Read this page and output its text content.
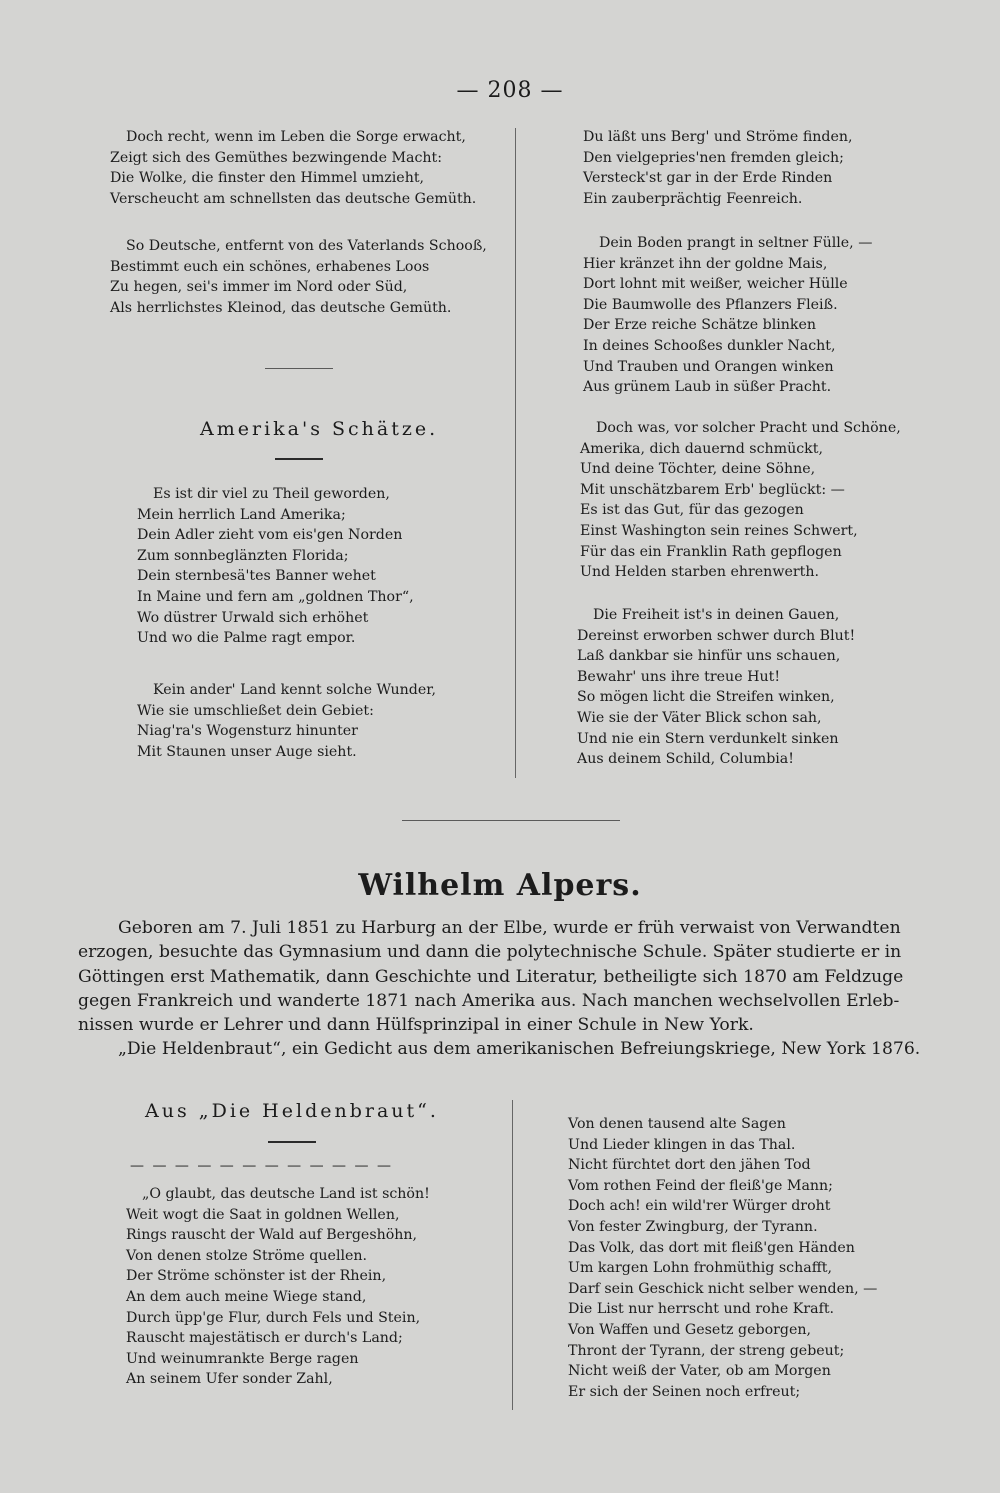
— 208 —
Doch recht, wenn im Leben die Sorge erwacht,
Zeigt sich des Gemüthes bezwingende Macht:
Die Wolke, die finster den Himmel umzieht,
Verscheucht am schnellsten das deutsche Gemüth.
So Deutsche, entfernt von des Vaterlands Schooß,
Bestimmt euch ein schönes, erhabenes Loos
Zu hegen, sei's immer im Nord oder Süd,
Als herrlichstes Kleinod, das deutsche Gemüth.
Amerika's Schätze.
Es ist dir viel zu Theil geworden,
Mein herrlich Land Amerika;
Dein Adler zieht vom eis'gen Norden
Zum sonnbeglänzten Florida;
Dein sternbesä'tes Banner wehet
In Maine und fern am „goldnen Thor“,
Wo düstrer Urwald sich erhöhet
Und wo die Palme ragt empor.
Kein ander' Land kennt solche Wunder,
Wie sie umschließet dein Gebiet:
Niag'ra's Wogensturz hinunter
Mit Staunen unser Auge sieht.
Du läßt uns Berg' und Ströme finden,
Den vielgepries'nen fremden gleich;
Versteck'st gar in der Erde Rinden
Ein zauberprächtig Feenreich.
Dein Boden prangt in seltner Fülle, —
Hier kränzet ihn der goldne Mais,
Dort lohnt mit weißer, weicher Hülle
Die Baumwolle des Pflanzers Fleiß.
Der Erze reiche Schätze blinken
In deines Schooßes dunkler Nacht,
Und Trauben und Orangen winken
Aus grünem Laub in süßer Pracht.
Doch was, vor solcher Pracht und Schöne,
Amerika, dich dauernd schmückt,
Und deine Töchter, deine Söhne,
Mit unschätzbarem Erb' beglückt: —
Es ist das Gut, für das gezogen
Einst Washington sein reines Schwert,
Für das ein Franklin Rath gepflogen
Und Helden starben ehrenwerth.
Die Freiheit ist's in deinen Gauen,
Dereinst erworben schwer durch Blut!
Laß dankbar sie hinfür uns schauen,
Bewahr' uns ihre treue Hut!
So mögen licht die Streifen winken,
Wie sie der Väter Blick schon sah,
Und nie ein Stern verdunkelt sinken
Aus deinem Schild, Columbia!
Wilhelm Alpers.

Geboren am 7. Juli 1851 zu Harburg an der Elbe, wurde er früh verwaist von Verwandten

erzogen, besuchte das Gymnasium und dann die polytechnische Schule. Später studierte er in

Göttingen erst Mathematik, dann Geschichte und Literatur, betheiligte sich 1870 am Feldzuge

gegen Frankreich und wanderte 1871 nach Amerika aus. Nach manchen wechselvollen Erleb-

nissen wurde er Lehrer und dann Hülfsprinzipal in einer Schule in New York.

„Die Heldenbraut“, ein Gedicht aus dem amerikanischen Befreiungskriege, New York 1876.

Aus „Die Heldenbraut“.
— — — — — — — — — — — —
„O glaubt, das deutsche Land ist schön!
Weit wogt die Saat in goldnen Wellen,
Rings rauscht der Wald auf Bergeshöhn,
Von denen stolze Ströme quellen.
Der Ströme schönster ist der Rhein,
An dem auch meine Wiege stand,
Durch üpp'ge Flur, durch Fels und Stein,
Rauscht majestätisch er durch's Land;
Und weinumrankte Berge ragen
An seinem Ufer sonder Zahl,
Von denen tausend alte Sagen
Und Lieder klingen in das Thal.
Nicht fürchtet dort den jähen Tod
Vom rothen Feind der fleiß'ge Mann;
Doch ach! ein wild'rer Würger droht
Von fester Zwingburg, der Tyrann.
Das Volk, das dort mit fleiß'gen Händen
Um kargen Lohn frohmüthig schafft,
Darf sein Geschick nicht selber wenden, —
Die List nur herrscht und rohe Kraft.
Von Waffen und Gesetz geborgen,
Thront der Tyrann, der streng gebeut;
Nicht weiß der Vater, ob am Morgen
Er sich der Seinen noch erfreut;
